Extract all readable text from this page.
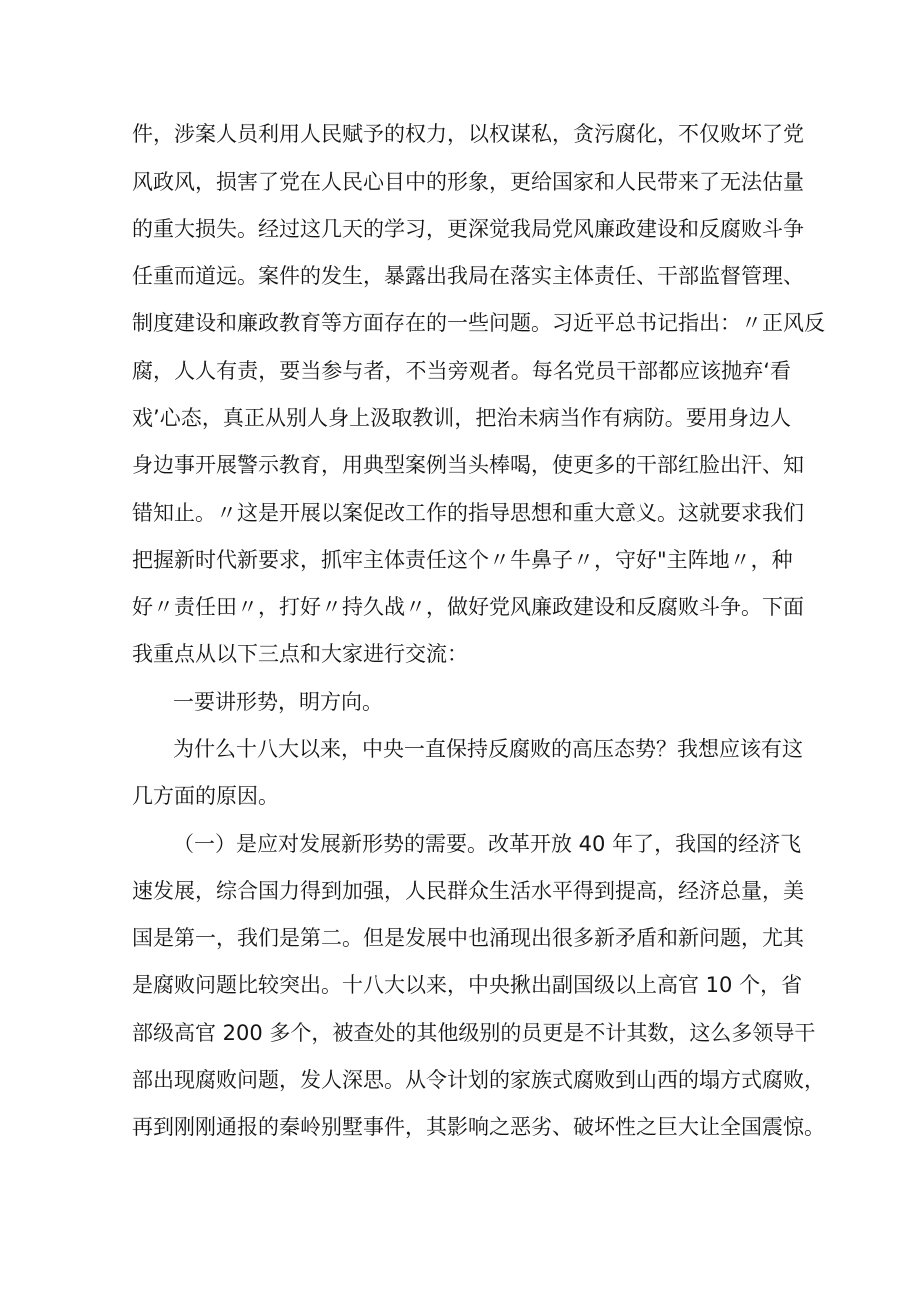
件，涉案人员利用人民赋予的权力，以权谋私，贪污腐化，不仅败坏了党
风政风，损害了党在人民心目中的形象，更给国家和人民带来了无法估量
的重大损失。经过这几天的学习，更深觉我局党风廉政建设和反腐败斗争
任重而道远。案件的发生，暴露出我局在落实主体责任、干部监督管理、
制度建设和廉政教育等方面存在的一些问题。习近平总书记指出：〃正风反
腐，人人有责，要当参与者，不当旁观者。每名党员干部都应该抛弃‘看
戏’心态，真正从别人身上汲取教训，把治未病当作有病防。要用身边人
身边事开展警示教育，用典型案例当头棒喝，使更多的干部红脸出汗、知
错知止。〃这是开展以案促改工作的指导思想和重大意义。这就要求我们
把握新时代新要求，抓牢主体责任这个〃牛鼻子〃，守好"主阵地〃，种
好〃责任田〃，打好〃持久战〃，做好党风廉政建设和反腐败斗争。下面
我重点从以下三点和大家进行交流：
一要讲形势，明方向。
为什么十八大以来，中央一直保持反腐败的高压态势？我想应该有这
几方面的原因。
（一）是应对发展新形势的需要。改革开放 40 年了，我国的经济飞
速发展，综合国力得到加强，人民群众生活水平得到提高，经济总量，美
国是第一，我们是第二。但是发展中也涌现出很多新矛盾和新问题，尤其
是腐败问题比较突出。十八大以来，中央揪出副国级以上高官 10 个，省
部级高官 200 多个，被查处的其他级别的员更是不计其数，这么多领导干
部出现腐败问题，发人深思。从令计划的家族式腐败到山西的塌方式腐败，
再到刚刚通报的秦岭别墅事件，其影响之恶劣、破坏性之巨大让全国震惊。
